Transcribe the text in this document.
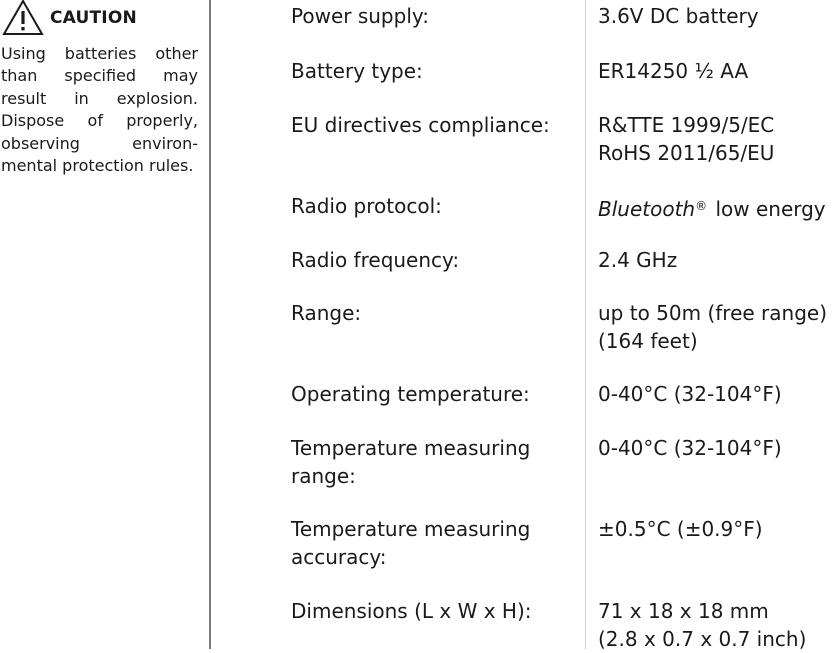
CAUTION
Using batteries other than specified may result in explosion. Dispose of properly, observing environ-mental protection rules.
Power supply:	3.6V DC battery
Battery type:	ER14250 ½ AA
EU directives compliance:	R&TTE 1999/5/EC
RoHS 2011/65/EU
Radio protocol:	Bluetooth® low energy
Radio frequency:	2.4 GHz
Range:	up to 50m (free range)
(164 feet)
Operating temperature:	0-40°C (32-104°F)
Temperature measuring range:
0-40°C (32-104°F)
Temperature measuring accuracy:
±0.5°C (±0.9°F)
Dimensions (L x W x H):	71 x 18 x 18 mm
(2.8 x 0.7 x 0.7 inch)
